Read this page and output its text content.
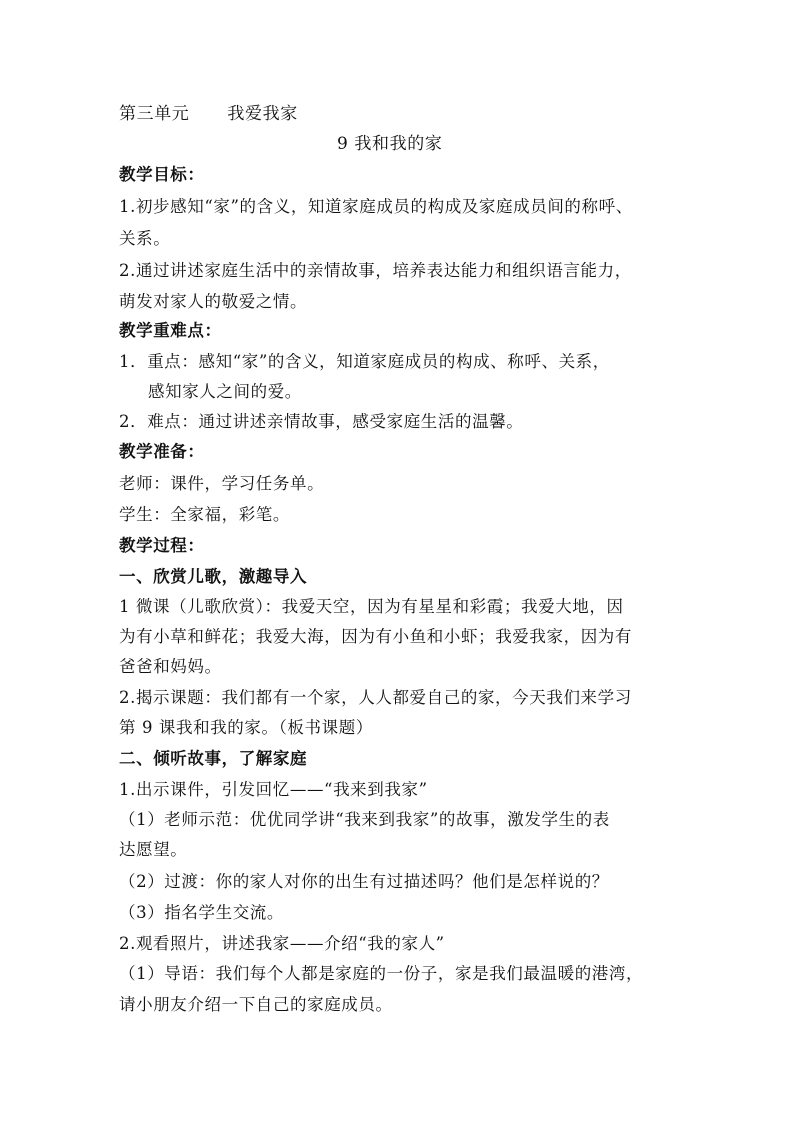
第三单元 我爱我家
9 我和我的家
教学目标：
1.初步感知“家”的含义，知道家庭成员的构成及家庭成员间的称呼、
关系。
2.通过讲述家庭生活中的亲情故事，培养表达能力和组织语言能力，
萌发对家人的敬爱之情。
教学重难点：
1．重点：感知“家”的含义，知道家庭成员的构成、称呼、关系，
感知家人之间的爱。
2．难点：通过讲述亲情故事，感受家庭生活的温馨。
教学准备：
老师：课件，学习任务单。
学生：全家福，彩笔。
教学过程：
一、欣赏儿歌，激趣导入
1 微课（儿歌欣赏）：我爱天空，因为有星星和彩霞；我爱大地，因
为有小草和鲜花；我爱大海，因为有小鱼和小虾；我爱我家，因为有
爸爸和妈妈。
2.揭示课题：我们都有一个家，人人都爱自己的家，今天我们来学习
第 9 课我和我的家。（板书课题）
二、倾听故事，了解家庭
1.出示课件，引发回忆——“我来到我家”
（1）老师示范：优优同学讲“我来到我家”的故事，激发学生的表
达愿望。
（2）过渡：你的家人对你的出生有过描述吗？他们是怎样说的？
（3）指名学生交流。
2.观看照片，讲述我家——介绍“我的家人”
（1）导语：我们每个人都是家庭的一份子，家是我们最温暖的港湾，
请小朋友介绍一下自己的家庭成员。
